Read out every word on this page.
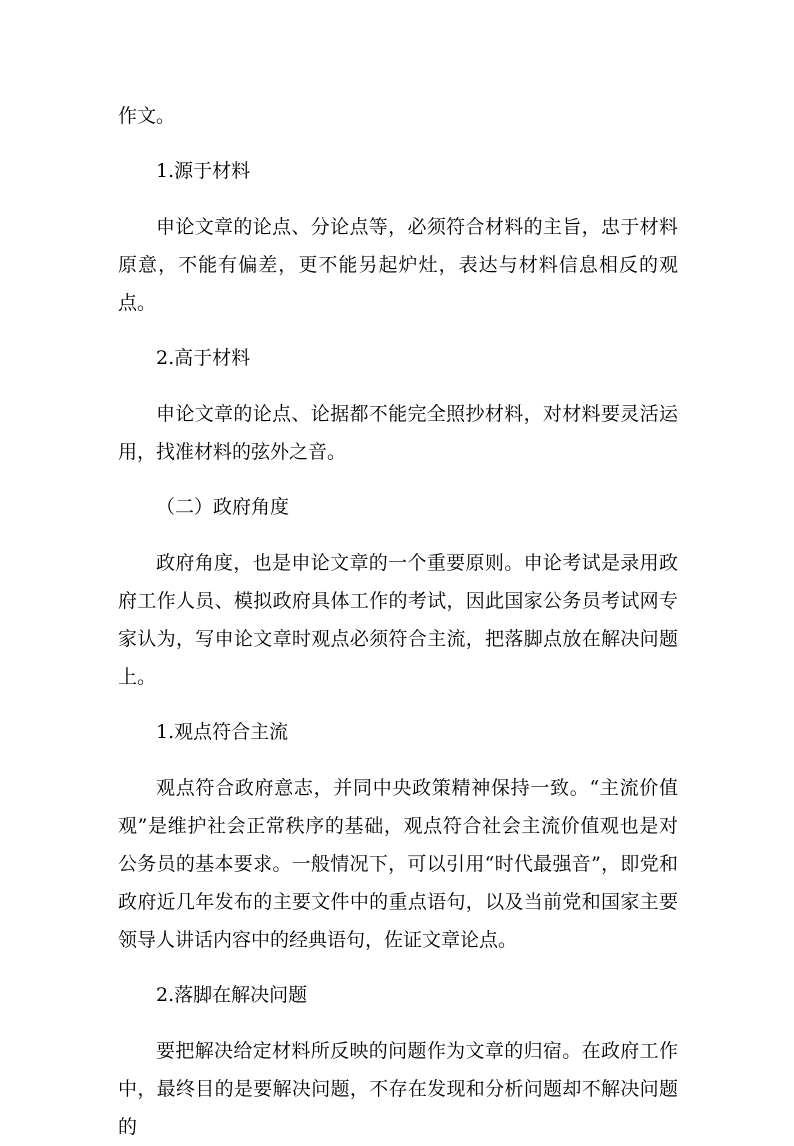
作文。

1.源于材料

申论文章的论点、分论点等，必须符合材料的主旨，忠于材料原意，不能有偏差，更不能另起炉灶，表达与材料信息相反的观点。

2.高于材料

申论文章的论点、论据都不能完全照抄材料，对材料要灵活运用，找准材料的弦外之音。

（二）政府角度

政府角度，也是申论文章的一个重要原则。申论考试是录用政府工作人员、模拟政府具体工作的考试，因此国家公务员考试网专家认为，写申论文章时观点必须符合主流，把落脚点放在解决问题上。

1.观点符合主流

观点符合政府意志，并同中央政策精神保持一致。“主流价值观”是维护社会正常秩序的基础，观点符合社会主流价值观也是对公务员的基本要求。一般情况下，可以引用“时代最强音”，即党和政府近几年发布的主要文件中的重点语句，以及当前党和国家主要领导人讲话内容中的经典语句，佐证文章论点。

2.落脚在解决问题

要把解决给定材料所反映的问题作为文章的归宿。在政府工作中，最终目的是要解决问题，不存在发现和分析问题却不解决问题的
